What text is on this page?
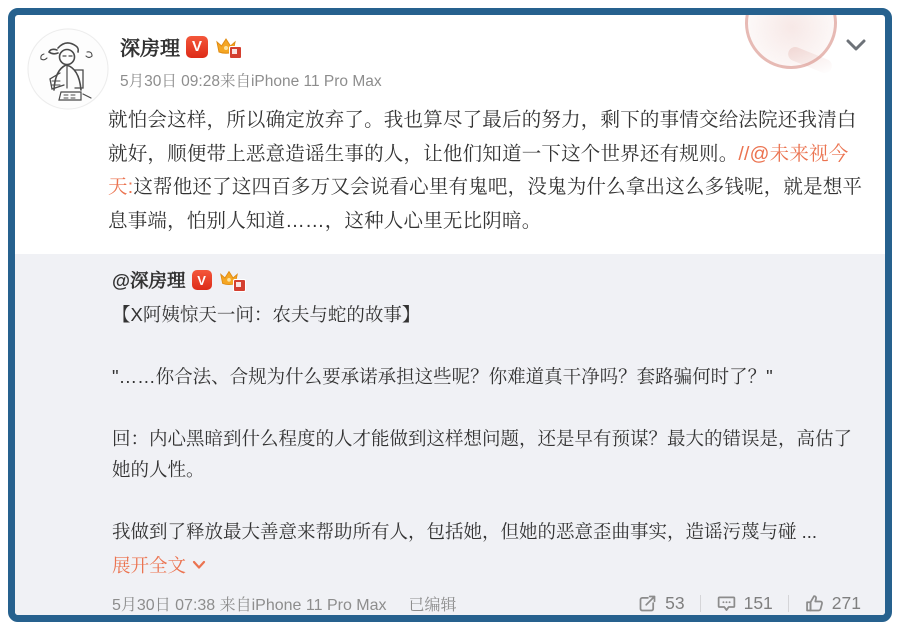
深房理 V
5月30日 09:28来自iPhone 11 Pro Max
就怕会这样，所以确定放弃了。我也算尽了最后的努力，剩下的事情交给法院还我清白就好，顺便带上恶意造谣生事的人，让他们知道一下这个世界还有规则。//@未来视今天:这帮他还了这四百多万又会说看心里有鬼吧，没鬼为什么拿出这么多钱呢，就是想平息事端，怕别人知道……，这种人心里无比阴暗。
@深房理 V
【X阿姨惊天一问：农夫与蛇的故事】
"……你合法、合规为什么要承诺承担这些呢？你难道真干净吗？套路骗何时了？"
回：内心黑暗到什么程度的人才能做到这样想问题，还是早有预谋？最大的错误是，高估了她的人性。
我做到了释放最大善意来帮助所有人，包括她，但她的恶意歪曲事实，造谣污蔑与碰 ...
展开全文
5月30日 07:38 来自iPhone 11 Pro Max 已编辑	53	151	271
